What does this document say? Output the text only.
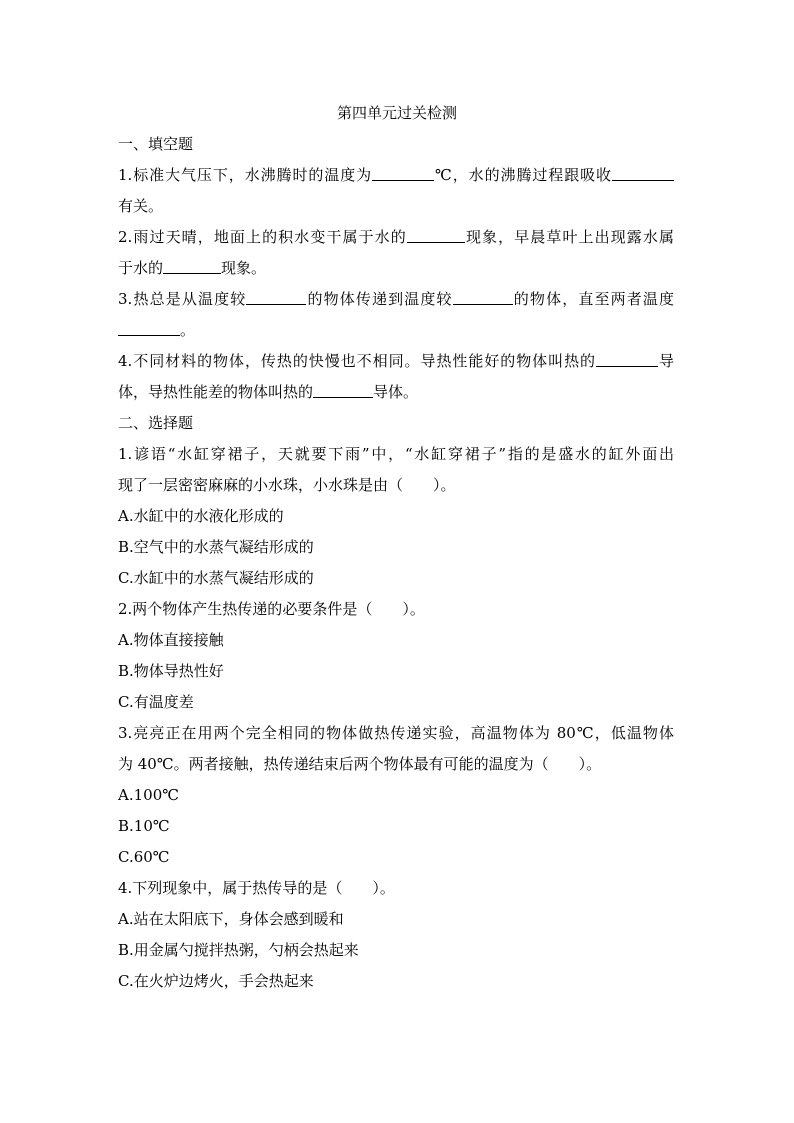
第四单元过关检测
一、填空题
1.标准大气压下，水沸腾时的温度为	℃，水的沸腾过程跟吸收
有关。
2.雨过天晴，地面上的积水变干属于水的	现象，早晨草叶上出现露水属
于水的	现象。
3.热总是从温度较	的物体传递到温度较	的物体，直至两者温度
。
4.不同材料的物体，传热的快慢也不相同。导热性能好的物体叫热的	导
体，导热性能差的物体叫热的	导体。
二、选择题
1.谚语“水缸穿裙子，天就要下雨”中，“水缸穿裙子”指的是盛水的缸外面出
现了一层密密麻麻的小水珠，小水珠是由（　　）。
A.水缸中的水液化形成的
B.空气中的水蒸气凝结形成的
C.水缸中的水蒸气凝结形成的
2.两个物体产生热传递的必要条件是（　　）。
A.物体直接接触
B.物体导热性好
C.有温度差
3.亮亮正在用两个完全相同的物体做热传递实验，高温物体为 80℃，低温物体
为 40℃。两者接触，热传递结束后两个物体最有可能的温度为（　　）。
A.100℃
B.10℃
C.60℃
4.下列现象中，属于热传导的是（　　）。
A.站在太阳底下，身体会感到暖和
B.用金属勺搅拌热粥，勺柄会热起来
C.在火炉边烤火，手会热起来
